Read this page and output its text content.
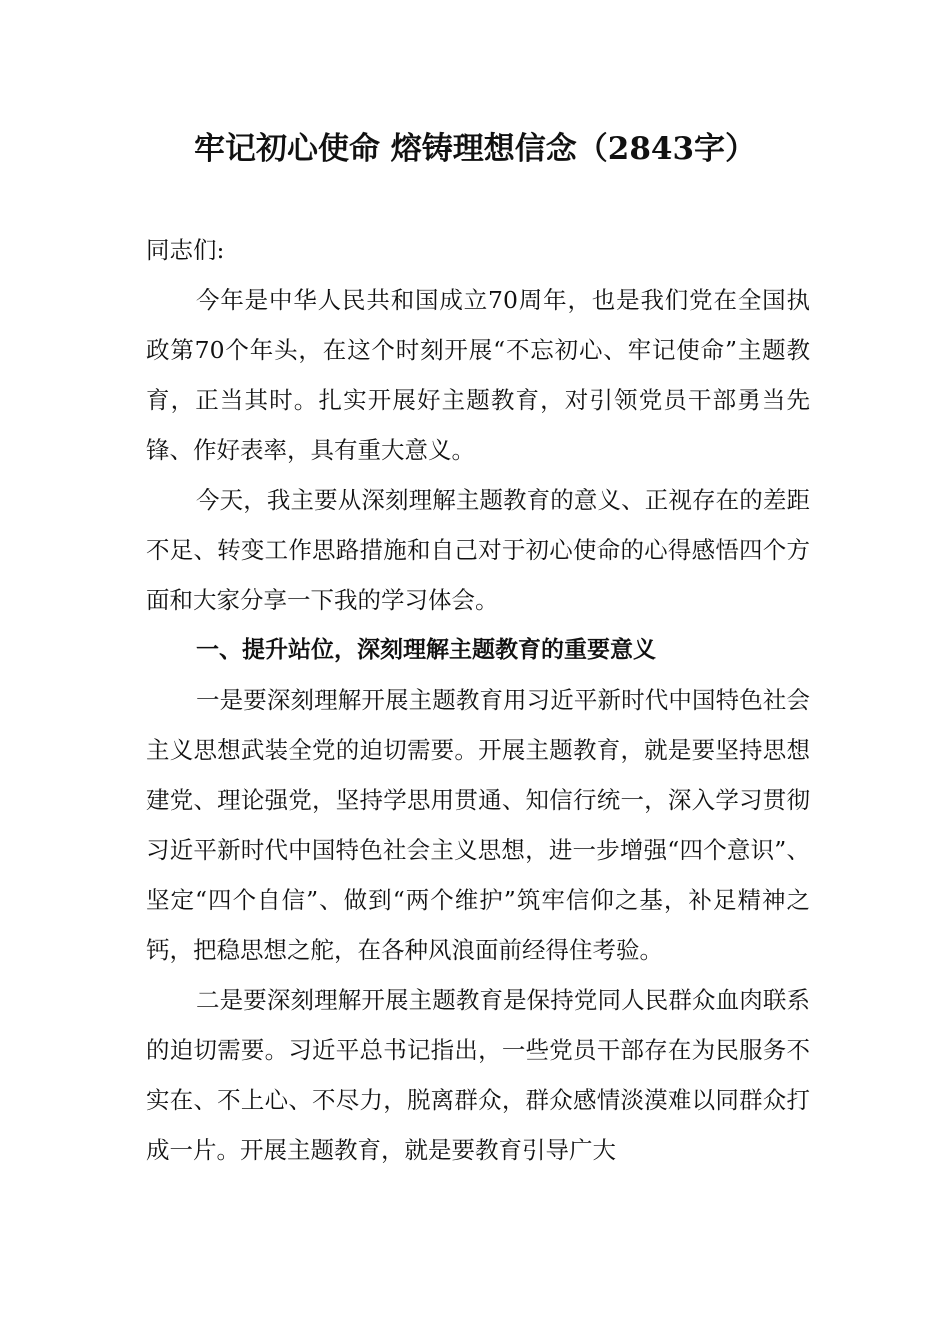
牢记初心使命 熔铸理想信念（2843字）

同志们:

今年是中华人民共和国成立70周年，也是我们党在全国执政第70个年头，在这个时刻开展“不忘初心、牢记使命”主题教育，正当其时。扎实开展好主题教育，对引领党员干部勇当先锋、作好表率，具有重大意义。

今天，我主要从深刻理解主题教育的意义、正视存在的差距不足、转变工作思路措施和自己对于初心使命的心得感悟四个方面和大家分享一下我的学习体会。

一、提升站位，深刻理解主题教育的重要意义

一是要深刻理解开展主题教育用习近平新时代中国特色社会主义思想武装全党的迫切需要。开展主题教育，就是要坚持思想建党、理论强党，坚持学思用贯通、知信行统一，深入学习贯彻习近平新时代中国特色社会主义思想，进一步增强“四个意识”、坚定“四个自信”、做到“两个维护”筑牢信仰之基，补足精神之钙，把稳思想之舵，在各种风浪面前经得住考验。

二是要深刻理解开展主题教育是保持党同人民群众血肉联系的迫切需要。习近平总书记指出，一些党员干部存在为民服务不实在、不上心、不尽力，脱离群众，群众感情淡漠难以同群众打成一片。开展主题教育，就是要教育引导广大
